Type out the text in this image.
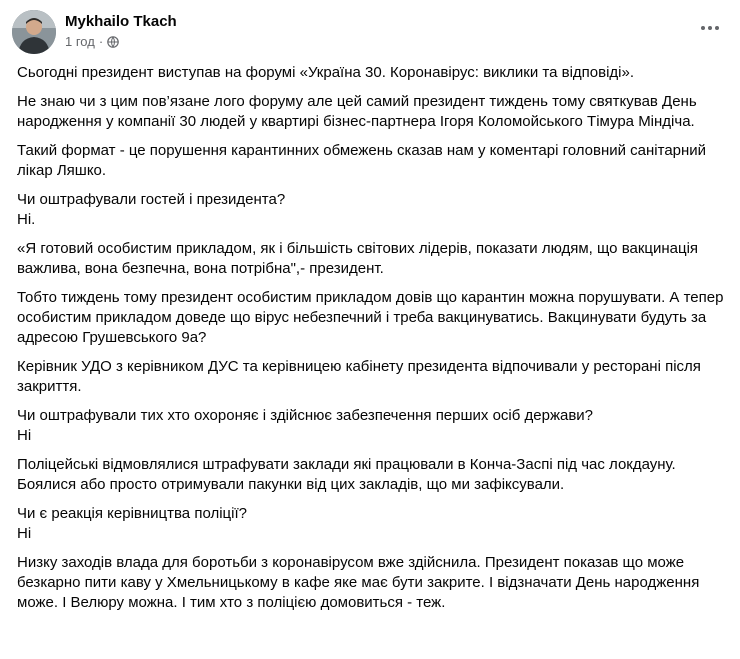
Mykhailo Tkach
1 год ·

Сьогодні президент виступав на форумі «Україна 30. Коронавірус: виклики та відповіді».

Не знаю чи з цим пов’язане лого форуму але цей самий президент тиждень тому святкував День народження у компанії 30 людей у квартирі бізнес-партнера Ігоря Коломойського Тімура Міндіча.

Такий формат - це порушення карантинних обмежень сказав нам у коментарі головний санітарний лікар Ляшко.

Чи оштрафували гостей і президента?
Ні.

«Я готовий особистим прикладом, як і більшість світових лідерів, показати людям, що вакцинація важлива, вона безпечна, вона потрібна",- президент.

Тобто тиждень тому президент особистим прикладом довів що карантин можна порушувати. А тепер особистим прикладом доведе що вірус небезпечний і треба вакцинуватись. Вакцинувати будуть за адресою Грушевського 9а?

Керівник УДО з керівником ДУС та керівницею кабінету президента відпочивали у ресторані після закриття.

Чи оштрафували тих хто охороняє і здійснює забезпечення перших осіб держави?
Ні

Поліцейські відмовлялися штрафувати заклади які працювали в Конча-Заспі під час локдауну. Боялися або просто отримували пакунки від цих закладів, що ми зафіксували.

Чи є реакція керівництва поліції?
Ні

Низку заходів влада для боротьби з коронавірусом вже здійснила. Президент показав що може безкарно пити каву у Хмельницькому в кафе яке має бути закрите. І відзначати День народження може. І Велюру можна. І тим хто з поліцією домовиться - теж.
